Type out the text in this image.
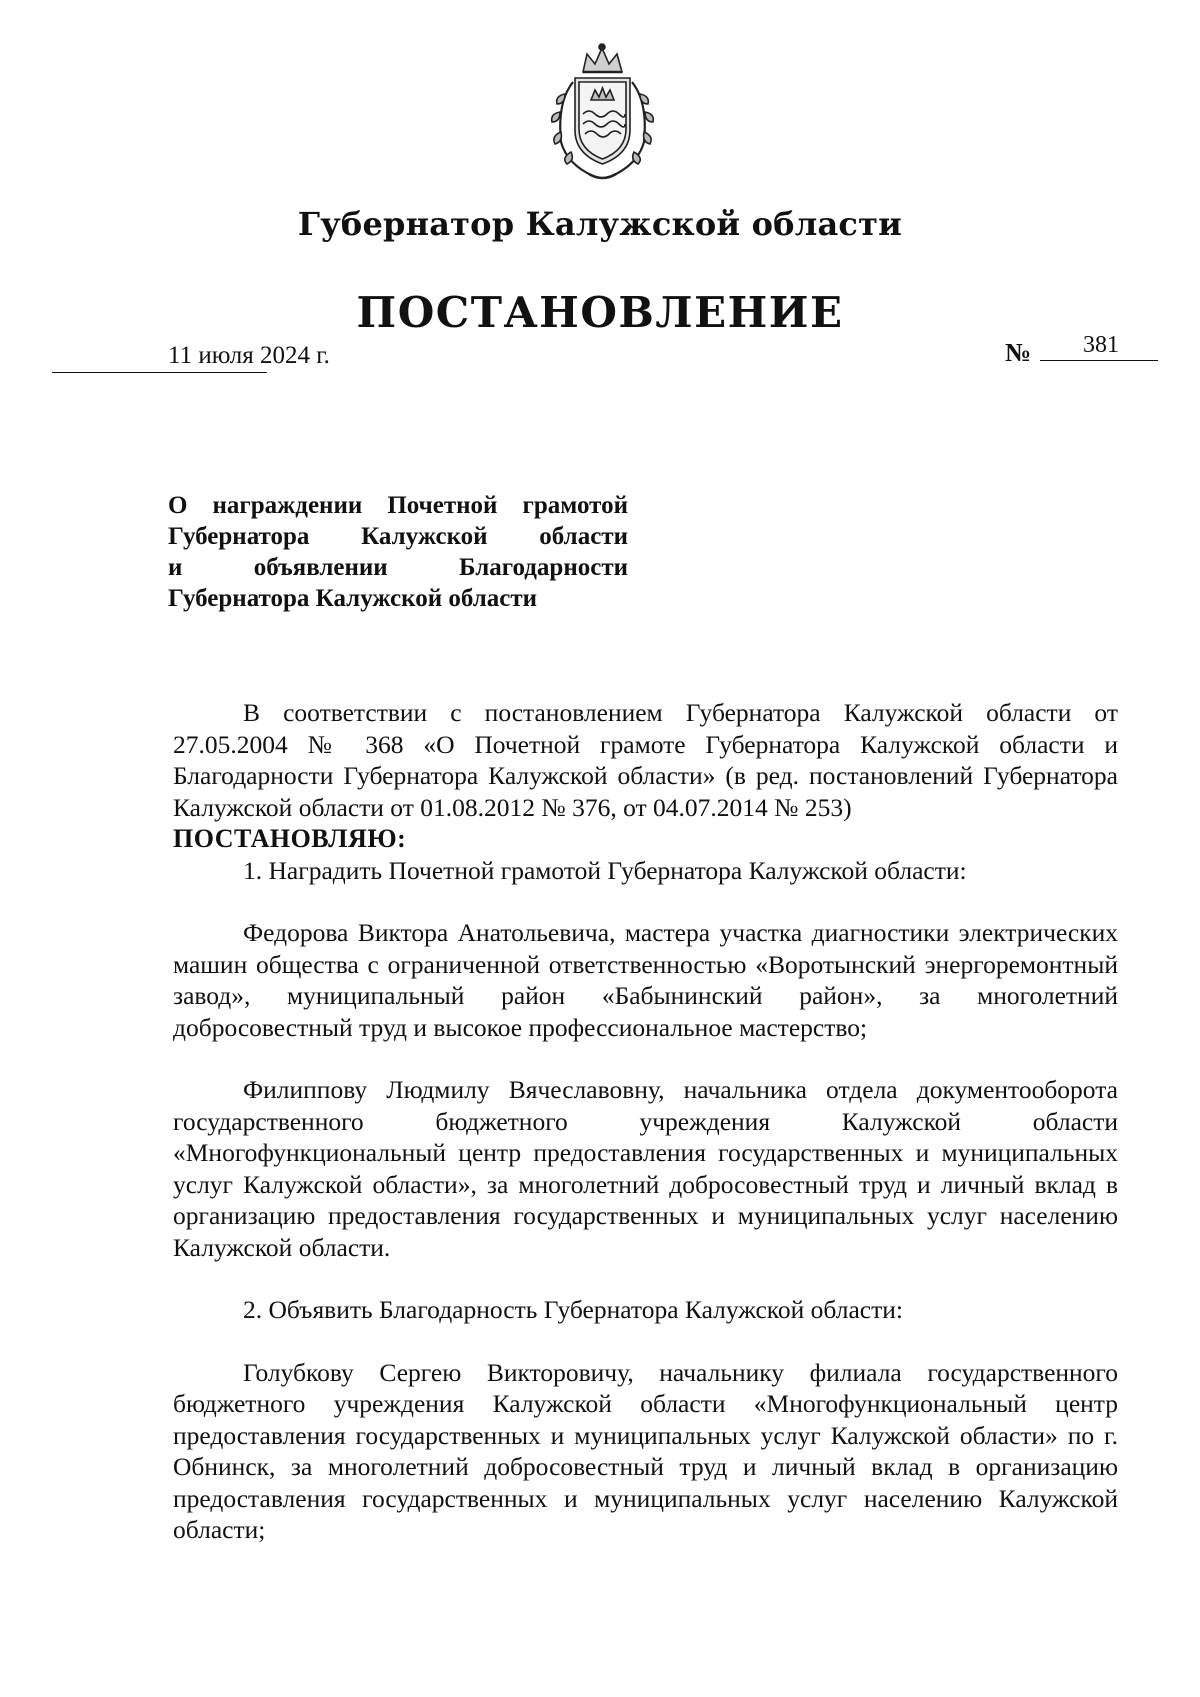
Губернатор Калужской области
ПОСТАНОВЛЕНИЕ
11 июля 2024 г.	№ 381
О награждении Почетной грамотой
Губернатора Калужской области
и объявлении Благодарности
Губернатора Калужской области

В соответствии с постановлением Губернатора Калужской области от 27.05.2004 № 368 «О Почетной грамоте Губернатора Калужской области и Благодарности Губернатора Калужской области» (в ред. постановлений Губернатора Калужской области от 01.08.2012 № 376, от 04.07.2014 № 253)

ПОСТАНОВЛЯЮ:

1. Наградить Почетной грамотой Губернатора Калужской области:

Федорова Виктора Анатольевича, мастера участка диагностики электрических машин общества с ограниченной ответственностью «Воротынский энергоремонтный завод», муниципальный район «Бабынинский район», за многолетний добросовестный труд и высокое профессиональное мастерство;

Филиппову Людмилу Вячеславовну, начальника отдела документооборота государственного бюджетного учреждения Калужской области «Многофункциональный центр предоставления государственных и муниципальных услуг Калужской области», за многолетний добросовестный труд и личный вклад в организацию предоставления государственных и муниципальных услуг населению Калужской области.

2. Объявить Благодарность Губернатора Калужской области:

Голубкову Сергею Викторовичу, начальнику филиала государственного бюджетного учреждения Калужской области «Многофункциональный центр предоставления государственных и муниципальных услуг Калужской области» по г. Обнинск, за многолетний добросовестный труд и личный вклад в организацию предоставления государственных и муниципальных услуг населению Калужской области;
